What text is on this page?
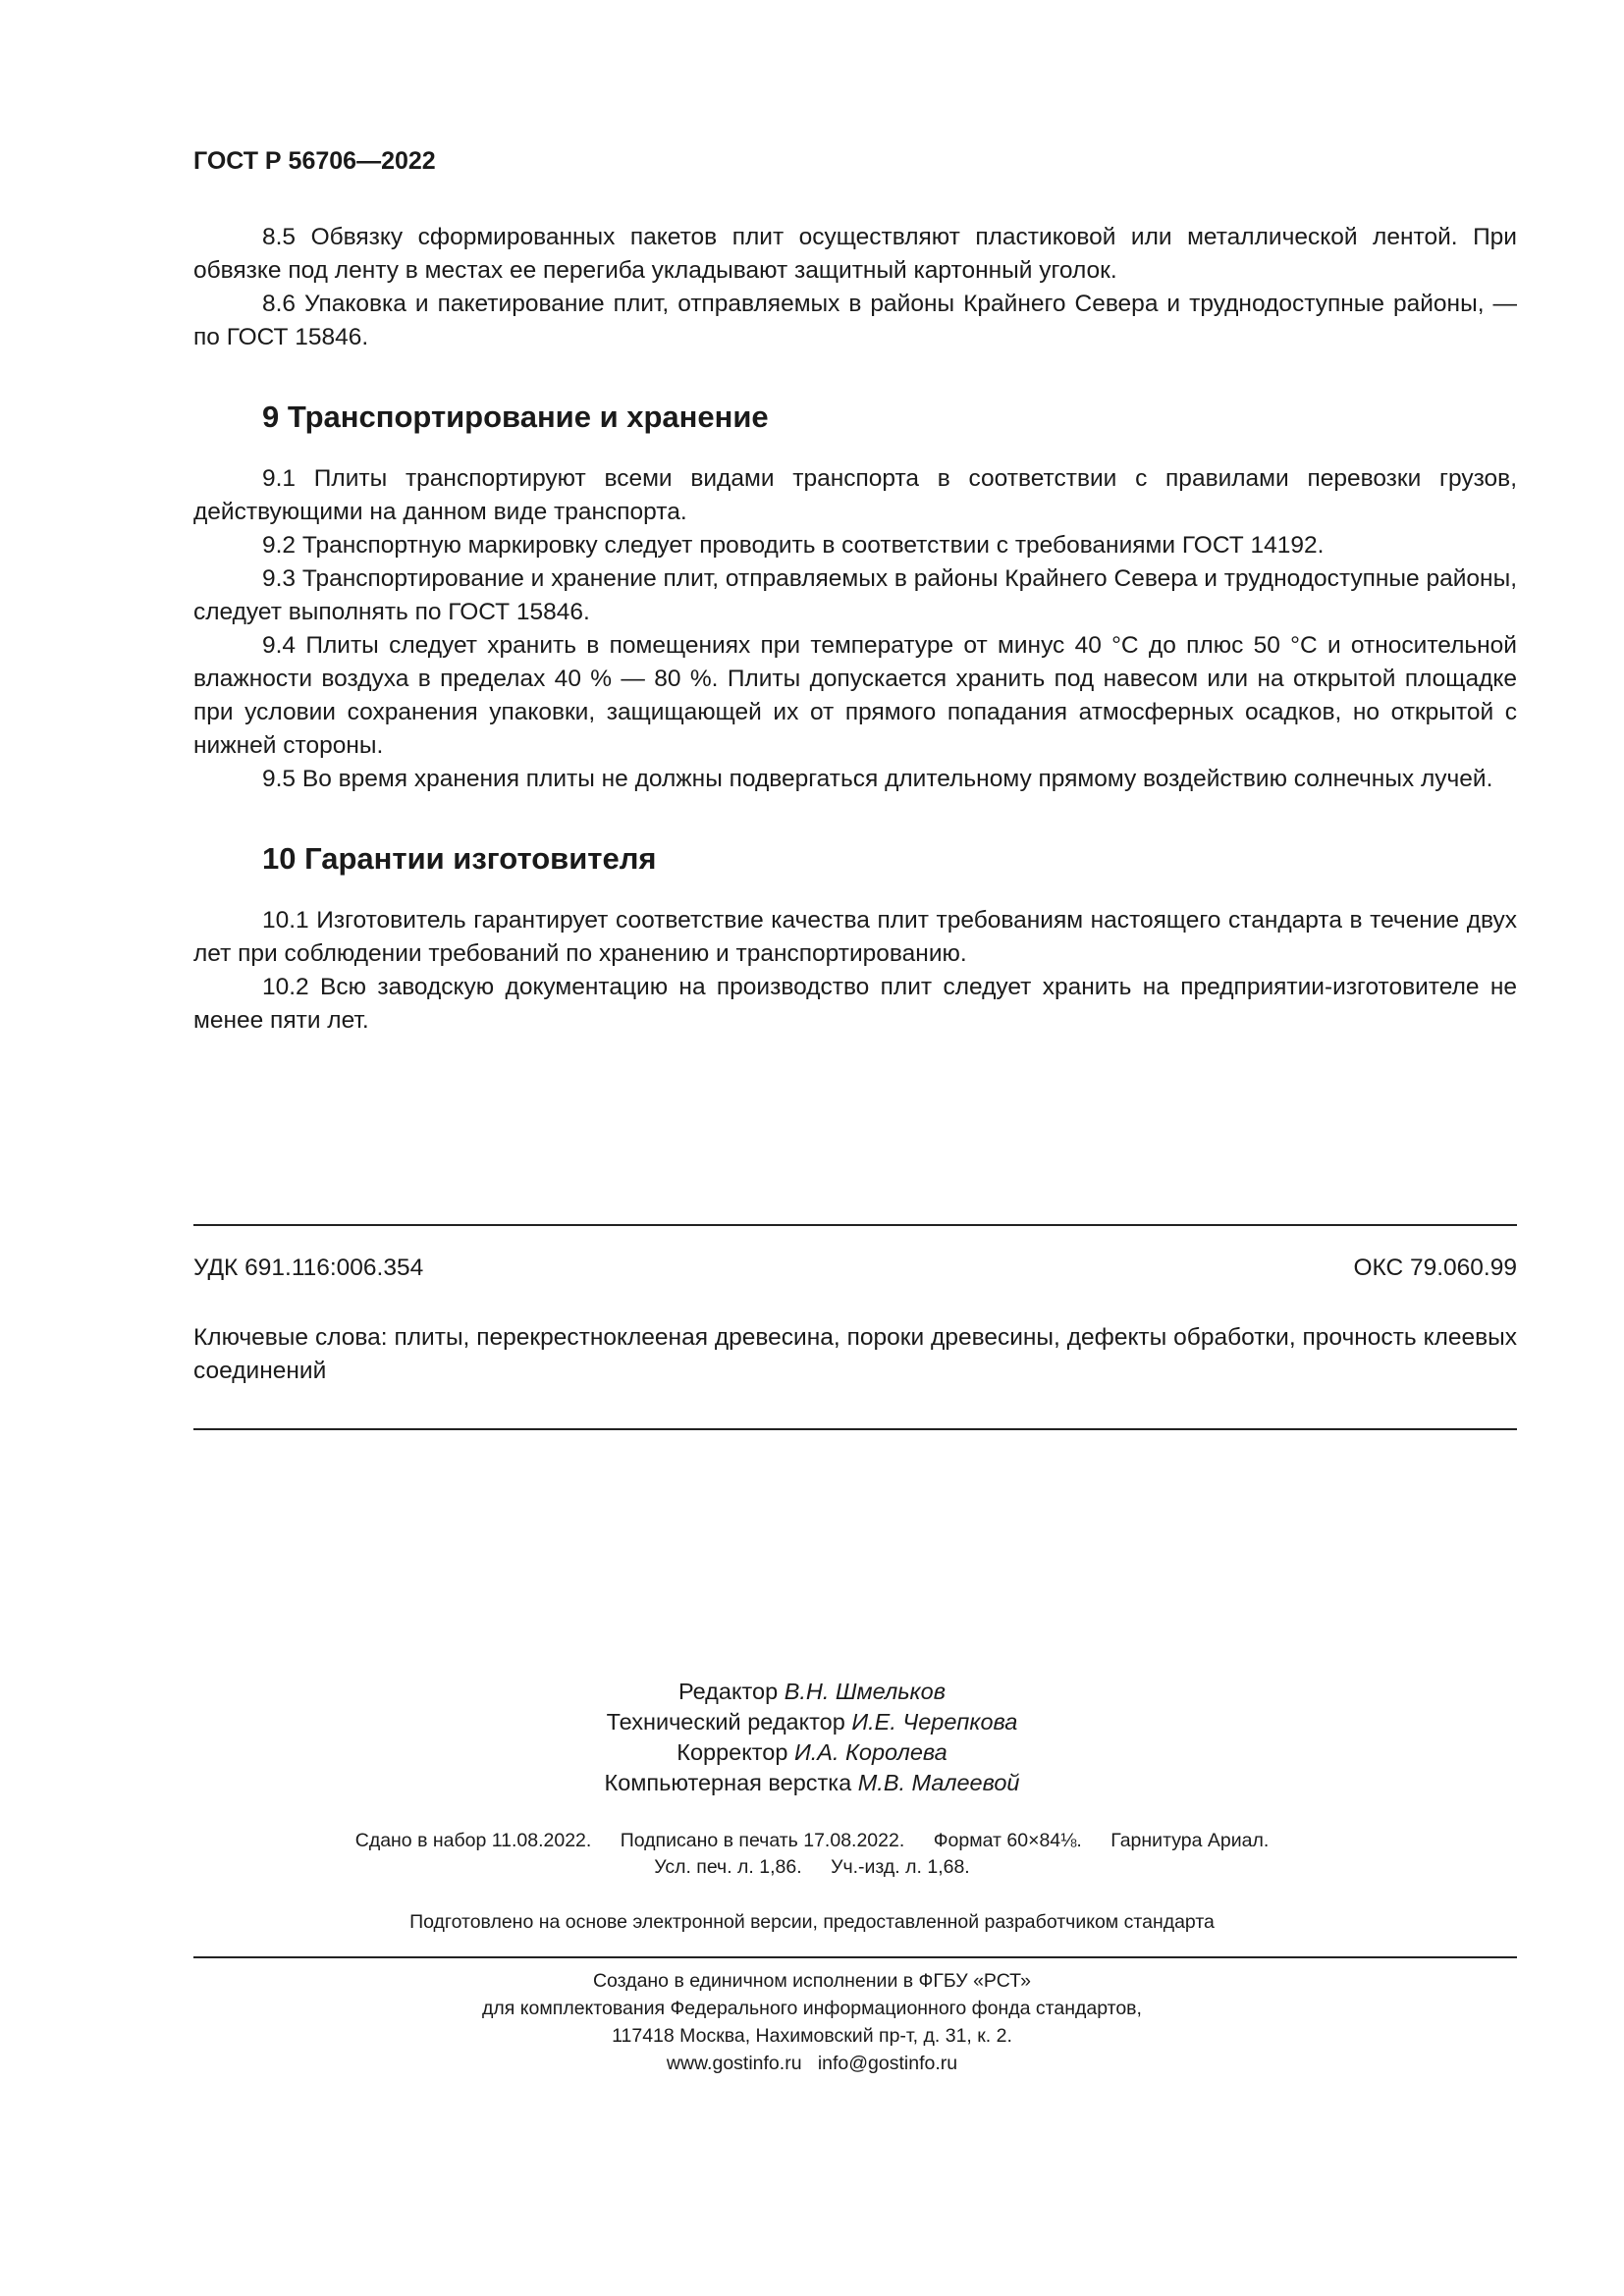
ГОСТ Р 56706—2022

8.5 Обвязку сформированных пакетов плит осуществляют пластиковой или металлической лентой. При обвязке под ленту в местах ее перегиба укладывают защитный картонный уголок.

8.6 Упаковка и пакетирование плит, отправляемых в районы Крайнего Севера и труднодоступные районы, — по ГОСТ 15846.

9 Транспортирование и хранение

9.1 Плиты транспортируют всеми видами транспорта в соответствии с правилами перевозки грузов, действующими на данном виде транспорта.

9.2 Транспортную маркировку следует проводить в соответствии с требованиями ГОСТ 14192.

9.3 Транспортирование и хранение плит, отправляемых в районы Крайнего Севера и труднодоступные районы, следует выполнять по ГОСТ 15846.

9.4 Плиты следует хранить в помещениях при температуре от минус 40 °С до плюс 50 °С и относительной влажности воздуха в пределах 40 % — 80 %. Плиты допускается хранить под навесом или на открытой площадке при условии сохранения упаковки, защищающей их от прямого попадания атмосферных осадков, но открытой с нижней стороны.

9.5 Во время хранения плиты не должны подвергаться длительному прямому воздействию солнечных лучей.

10 Гарантии изготовителя

10.1 Изготовитель гарантирует соответствие качества плит требованиям настоящего стандарта в течение двух лет при соблюдении требований по хранению и транспортированию.

10.2 Всю заводскую документацию на производство плит следует хранить на предприятии-изготовителе не менее пяти лет.

УДК 691.116:006.354	ОКС 79.060.99
Ключевые слова: плиты, перекрестноклееная древесина, пороки древесины, дефекты обработки, прочность клеевых соединений
Редактор В.Н. Шмельков
Технический редактор И.Е. Черепкова
Корректор И.А. Королева
Компьютерная верстка М.В. Малеевой
Сдано в набор 11.08.2022. Подписано в печать 17.08.2022. Формат 60×84⅛. Гарнитура Ариал.
Усл. печ. л. 1,86. Уч.-изд. л. 1,68.
Подготовлено на основе электронной версии, предоставленной разработчиком стандарта
Создано в единичном исполнении в ФГБУ «РСТ»
для комплектования Федерального информационного фонда стандартов,
117418 Москва, Нахимовский пр-т, д. 31, к. 2.
www.gostinfo.ru info@gostinfo.ru
